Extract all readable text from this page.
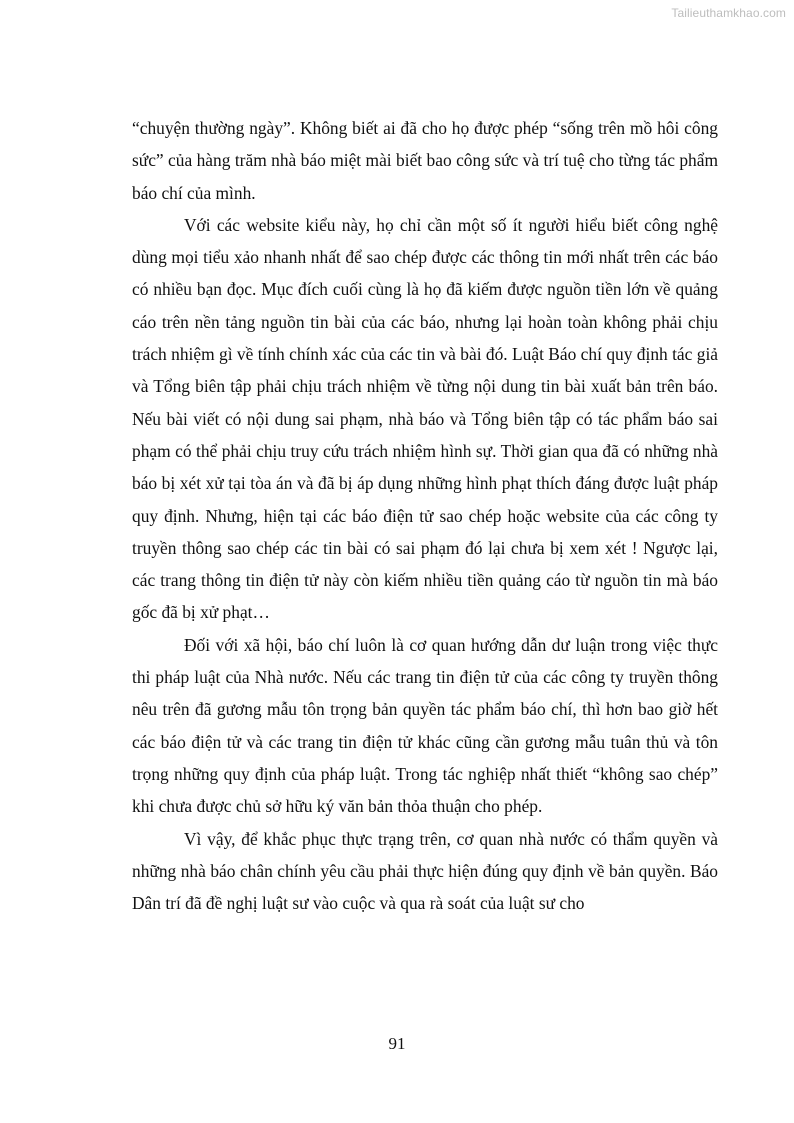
Tailieuthamkhao.com

“chuyện thường ngày”. Không biết ai đã cho họ được phép “sống trên mồ hôi công sức” của hàng trăm nhà báo miệt mài biết bao công sức và trí tuệ cho từng tác phẩm báo chí của mình.

Với các website kiểu này, họ chỉ cần một số ít người hiểu biết công nghệ dùng mọi tiểu xảo nhanh nhất để sao chép được các thông tin mới nhất trên các báo có nhiều bạn đọc. Mục đích cuối cùng là họ đã kiếm được nguồn tiền lớn về quảng cáo trên nền tảng nguồn tin bài của các báo, nhưng lại hoàn toàn không phải chịu trách nhiệm gì về tính chính xác của các tin và bài đó. Luật Báo chí quy định tác giả và Tổng biên tập phải chịu trách nhiệm về từng nội dung tin bài xuất bản trên báo. Nếu bài viết có nội dung sai phạm, nhà báo và Tổng biên tập có tác phẩm báo sai phạm có thể phải chịu truy cứu trách nhiệm hình sự. Thời gian qua đã có những nhà báo bị xét xử tại tòa án và đã bị áp dụng những hình phạt thích đáng được luật pháp quy định. Nhưng, hiện tại các báo điện tử sao chép hoặc website của các công ty truyền thông sao chép các tin bài có sai phạm đó lại chưa bị xem xét ! Ngược lại, các trang thông tin điện tử này còn kiếm nhiều tiền quảng cáo từ nguồn tin mà báo gốc đã bị xử phạt…

Đối với xã hội, báo chí luôn là cơ quan hướng dẫn dư luận trong việc thực thi pháp luật của Nhà nước. Nếu các trang tin điện tử của các công ty truyền thông nêu trên đã gương mẫu tôn trọng bản quyền tác phẩm báo chí, thì hơn bao giờ hết các báo điện tử và các trang tin điện tử khác cũng cần gương mẫu tuân thủ và tôn trọng những quy định của pháp luật. Trong tác nghiệp nhất thiết “không sao chép” khi chưa được chủ sở hữu ký văn bản thỏa thuận cho phép.

Vì vậy, để khắc phục thực trạng trên, cơ quan nhà nước có thẩm quyền và những nhà báo chân chính yêu cầu phải thực hiện đúng quy định về bản quyền. Báo Dân trí đã đề nghị luật sư vào cuộc và qua rà soát của luật sư cho

91
